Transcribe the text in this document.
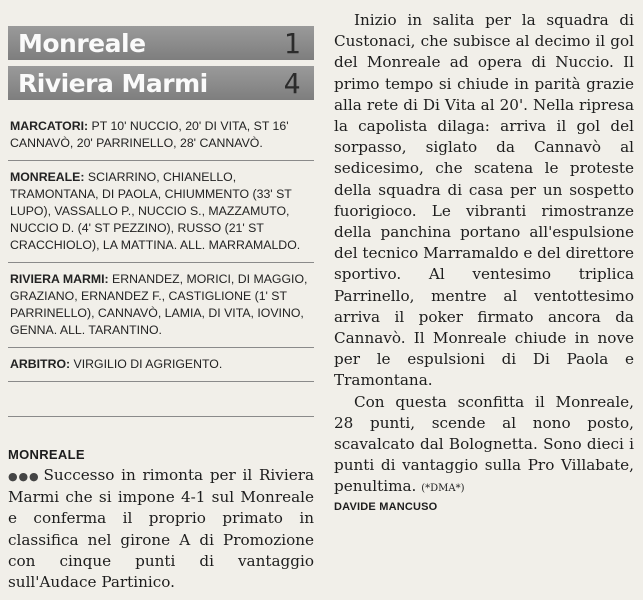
Monreale	1
Riviera Marmi	4
MARCATORI: PT 10' NUCCIO, 20' DI VITA, ST 16' CANNAVÒ, 20' PARRINELLO, 28' CANNAVÒ.
MONREALE: SCIARRINO, CHIANELLO, TRAMONTANA, DI PAOLA, CHIUMMENTO (33' ST LUPO), VASSALLO P., NUCCIO S., MAZZAMUTO, NUCCIO D. (4' ST PEZZINO), RUSSO (21' ST CRACCHIOLO), LA MATTINA. ALL. MARRAMALDO.
RIVIERA MARMI: ERNANDEZ, MORICI, DI MAGGIO, GRAZIANO, ERNANDEZ F., CASTIGLIONE (1' ST PARRINELLO), CANNAVÒ, LAMIA, DI VITA, IOVINO, GENNA. ALL. TARANTINO.
ARBITRO: VIRGILIO DI AGRIGENTO.
MONREALE

●●● Successo in rimonta per il Riviera Marmi che si impone 4-1 sul Monreale e conferma il proprio primato in classifica nel girone A di Promozione con cinque punti di vantaggio sull'Audace Partinico.

Inizio in salita per la squadra di Custonaci, che subisce al decimo il gol del Monreale ad opera di Nuccio. Il primo tempo si chiude in parità grazie alla rete di Di Vita al 20'. Nella ripresa la capolista dilaga: arriva il gol del sorpasso, siglato da Cannavò al sedicesimo, che scatena le proteste della squadra di casa per un sospetto fuorigioco. Le vibranti rimostranze della panchina portano all'espulsione del tecnico Marramaldo e del direttore sportivo. Al ventesimo triplica Parrinello, mentre al ventottesimo arriva il poker firmato ancora da Cannavò. Il Monreale chiude in nove per le espulsioni di Di Paola e Tramontana.

Con questa sconfitta il Monreale, 28 punti, scende al nono posto, scavalcato dal Bolognetta. Sono dieci i punti di vantaggio sulla Pro Villabate, penultima. (*DMA*)

DAVIDE MANCUSO
